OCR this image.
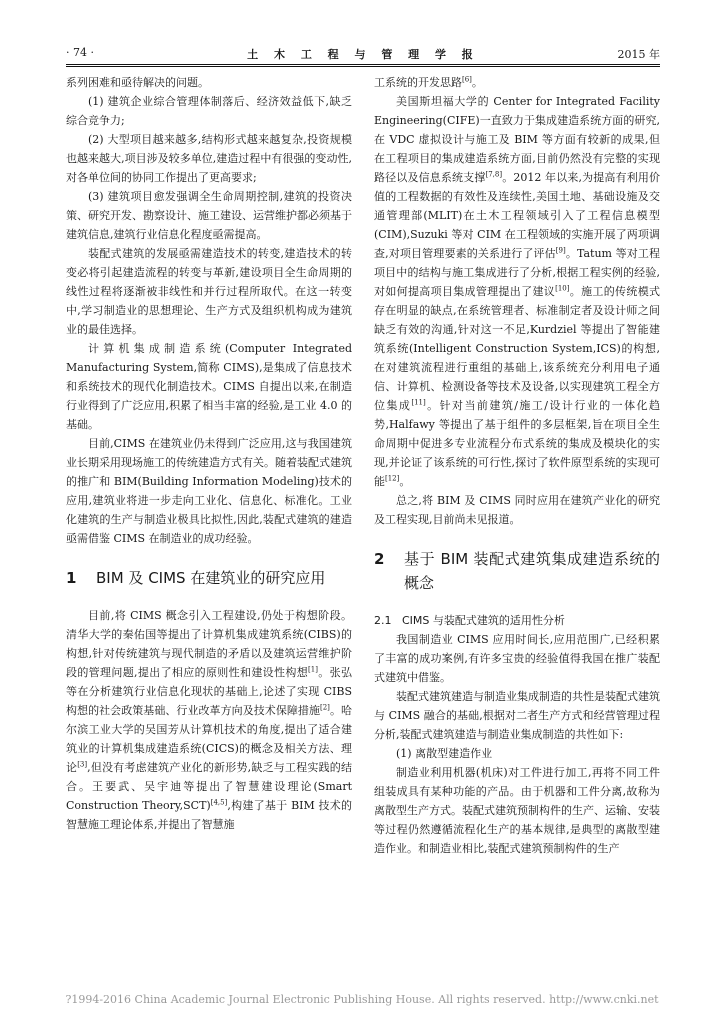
· 74 ·	土 木 工 程 与 管 理 学 报	2015 年

系列困难和亟待解决的问题。

(1) 建筑企业综合管理体制落后、经济效益低下,缺乏综合竞争力;

(2) 大型项目越来越多,结构形式越来越复杂,投资规模也越来越大,项目涉及较多单位,建造过程中有很强的变动性,对各单位间的协同工作提出了更高要求;

(3) 建筑项目愈发强调全生命周期控制,建筑的投资决策、研究开发、勘察设计、施工建设、运营维护都必须基于建筑信息,建筑行业信息化程度亟需提高。

装配式建筑的发展亟需建造技术的转变,建造技术的转变必将引起建造流程的转变与革新,建设项目全生命周期的线性过程将逐渐被非线性和并行过程所取代。在这一转变中,学习制造业的思想理论、生产方式及组织机构成为建筑业的最佳选择。

计算机集成制造系统(Computer Integrated Manufacturing System,简称 CIMS),是集成了信息技术和系统技术的现代化制造技术。CIMS 自提出以来,在制造行业得到了广泛应用,积累了相当丰富的经验,是工业 4.0 的基础。

目前,CIMS 在建筑业仍未得到广泛应用,这与我国建筑业长期采用现场施工的传统建造方式有关。随着装配式建筑的推广和 BIM(Building Information Modeling)技术的应用,建筑业将进一步走向工业化、信息化、标准化。工业化建筑的生产与制造业极具比拟性,因此,装配式建筑的建造亟需借鉴 CIMS 在制造业的成功经验。

1	BIM 及 CIMS 在建筑业的研究应用

目前,将 CIMS 概念引入工程建设,仍处于构想阶段。清华大学的秦佑国等提出了计算机集成建筑系统(CIBS)的构想,针对传统建筑与现代制造的矛盾以及建筑运营维护阶段的管理问题,提出了相应的原则性和建设性构想[1]。张弘等在分析建筑行业信息化现状的基础上,论述了实现 CIBS 构想的社会政策基础、行业改革方向及技术保障措施[2]。哈尔滨工业大学的吴国芳从计算机技术的角度,提出了适合建筑业的计算机集成建造系统(CICS)的概念及相关方法、理论[3],但没有考虑建筑产业化的新形势,缺乏与工程实践的结合。王要武、吴宇迪等提出了智慧建设理论(Smart Construction Theory,SCT)[4,5],构建了基于 BIM 技术的智慧施工理论体系,并提出了智慧施

工系统的开发思路[6]。

美国斯坦福大学的 Center for Integrated Facility Engineering(CIFE)一直致力于集成建造系统方面的研究,在 VDC 虚拟设计与施工及 BIM 等方面有较新的成果,但在工程项目的集成建造系统方面,目前仍然没有完整的实现路径以及信息系统支撑[7,8]。2012 年以来,为提高有利用价值的工程数据的有效性及连续性,美国土地、基础设施及交通管理部(MLIT)在土木工程领域引入了工程信息模型(CIM),Suzuki 等对 CIM 在工程领域的实施开展了两项调查,对项目管理要素的关系进行了评估[9]。Tatum 等对工程项目中的结构与施工集成进行了分析,根据工程实例的经验,对如何提高项目集成管理提出了建议[10]。施工的传统模式存在明显的缺点,在系统管理者、标准制定者及设计师之间缺乏有效的沟通,针对这一不足,Kurdziel 等提出了智能建筑系统(Intelligent Construction System,ICS)的构想,在对建筑流程进行重组的基础上,该系统充分利用电子通信、计算机、检测设备等技术及设备,以实现建筑工程全方位集成[11]。针对当前建筑/施工/设计行业的一体化趋势,Halfawy 等提出了基于组件的多层框架,旨在项目全生命周期中促进多专业流程分布式系统的集成及模块化的实现,并论证了该系统的可行性,探讨了软件原型系统的实现可能[12]。

总之,将 BIM 及 CIMS 同时应用在建筑产业化的研究及工程实现,目前尚未见报道。

2	基于 BIM 装配式建筑集成建造系统的概念
2.1 CIMS 与装配式建筑的适用性分析

我国制造业 CIMS 应用时间长,应用范围广,已经积累了丰富的成功案例,有许多宝贵的经验值得我国在推广装配式建筑中借鉴。

装配式建筑建造与制造业集成制造的共性是装配式建筑与 CIMS 融合的基础,根据对二者生产方式和经营管理过程分析,装配式建筑建造与制造业集成制造的共性如下:

(1) 离散型建造作业

制造业利用机器(机床)对工件进行加工,再将不同工件组装成具有某种功能的产品。由于机器和工件分离,故称为离散型生产方式。装配式建筑预制构件的生产、运输、安装等过程仍然遵循流程化生产的基本规律,是典型的离散型建造作业。和制造业相比,装配式建筑预制构件的生产

?1994-2016 China Academic Journal Electronic Publishing House. All rights reserved. http://www.cnki.net
